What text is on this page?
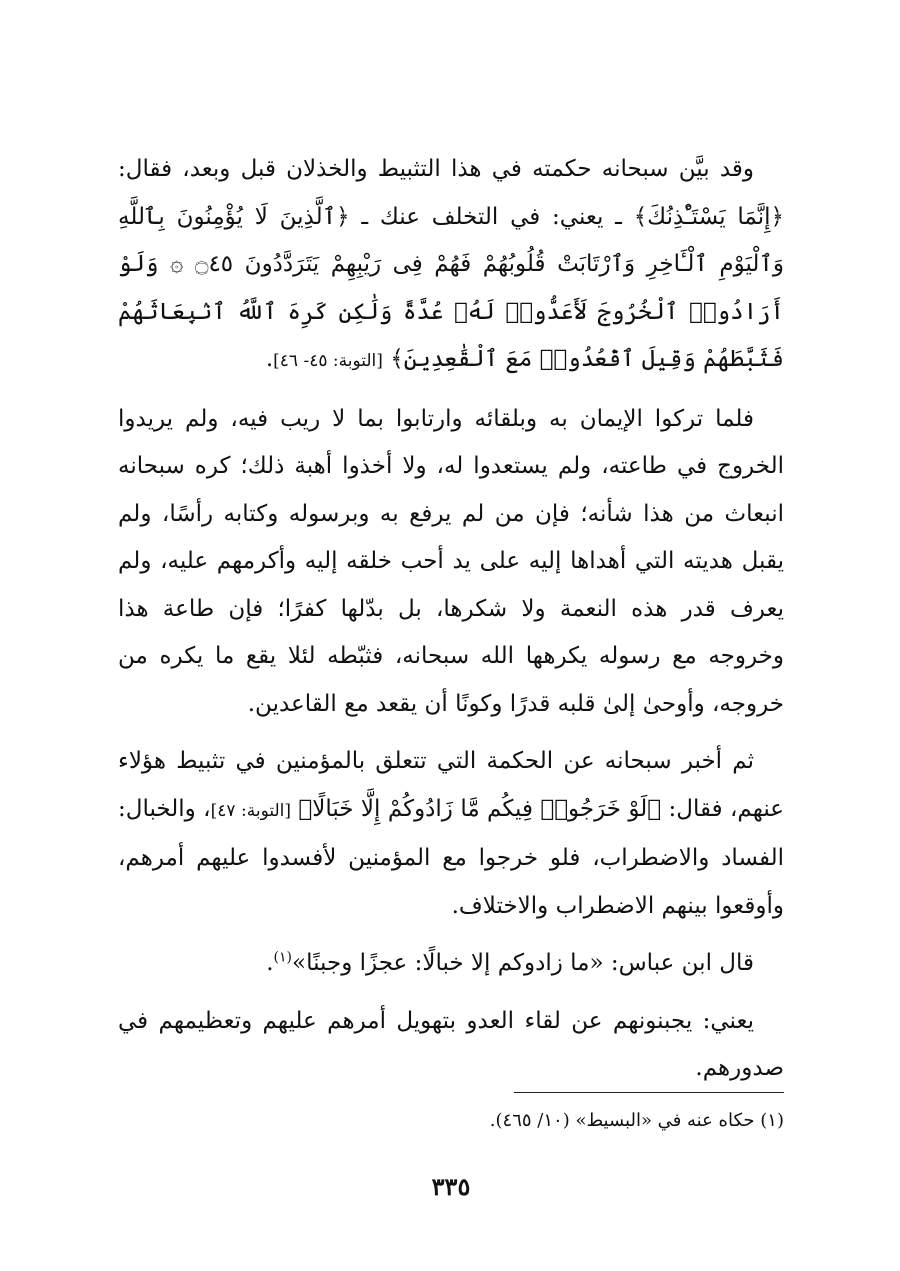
وقد بيَّن سبحانه حكمته في هذا التثبيط والخذلان قبل وبعد، فقال: ﴿إِنَّمَا يَسْتَـْٔذِنُكَ﴾ ـ يعني: في التخلف عنك ـ ﴿ٱلَّذِينَ لَا يُؤْمِنُونَ بِٱللَّهِ وَٱلْيَوْمِ ٱلْـَٔاخِرِ وَٱرْتَابَتْ قُلُوبُهُمْ فَهُمْ فِى رَيْبِهِمْ يَتَرَدَّدُونَ ۝٤٥ ۞ وَلَوْ أَرَادُوا۟ ٱلْخُرُوجَ لَأَعَدُّوا۟ لَهُۥ عُدَّةً وَلَٰكِن كَرِهَ ٱللَّهُ ٱنۢبِعَاثَهُمْ فَثَبَّطَهُمْ وَقِيلَ ٱقْعُدُوا۟ مَعَ ٱلْقَٰعِدِينَ﴾ [التوبة: ٤٥- ٤٦].

فلما تركوا الإيمان به وبلقائه وارتابوا بما لا ريب فيه، ولم يريدوا الخروج في طاعته، ولم يستعدوا له، ولا أخذوا أهبة ذلك؛ كره سبحانه انبعاث من هذا شأنه؛ فإن من لم يرفع به وبرسوله وكتابه رأسًا، ولم يقبل هديته التي أهداها إليه على يد أحب خلقه إليه وأكرمهم عليه، ولم يعرف قدر هذه النعمة ولا شكرها، بل بدّلها كفرًا؛ فإن طاعة هذا وخروجه مع رسوله يكرهها الله سبحانه، فثبّطه لئلا يقع ما يكره من خروجه، وأوحىٰ إلىٰ قلبه قدرًا وكونًا أن يقعد مع القاعدين.

ثم أخبر سبحانه عن الحكمة التي تتعلق بالمؤمنين في تثبيط هؤلاء عنهم، فقال: ﴿لَوْ خَرَجُوا۟ فِيكُم مَّا زَادُوكُمْ إِلَّا خَبَالًا﴾ [التوبة: ٤٧]، والخبال: الفساد والاضطراب، فلو خرجوا مع المؤمنين لأفسدوا عليهم أمرهم، وأوقعوا بينهم الاضطراب والاختلاف.

قال ابن عباس: «ما زادوكم إلا خبالًا: عجزًا وجبنًا»$^{(١)}$.

يعني: يجبنونهم عن لقاء العدو بتهويل أمرهم عليهم وتعظيمهم في صدورهم.

(١) حكاه عنه في «البسيط» (١٠/ ٤٦٥).

٣٣٥
